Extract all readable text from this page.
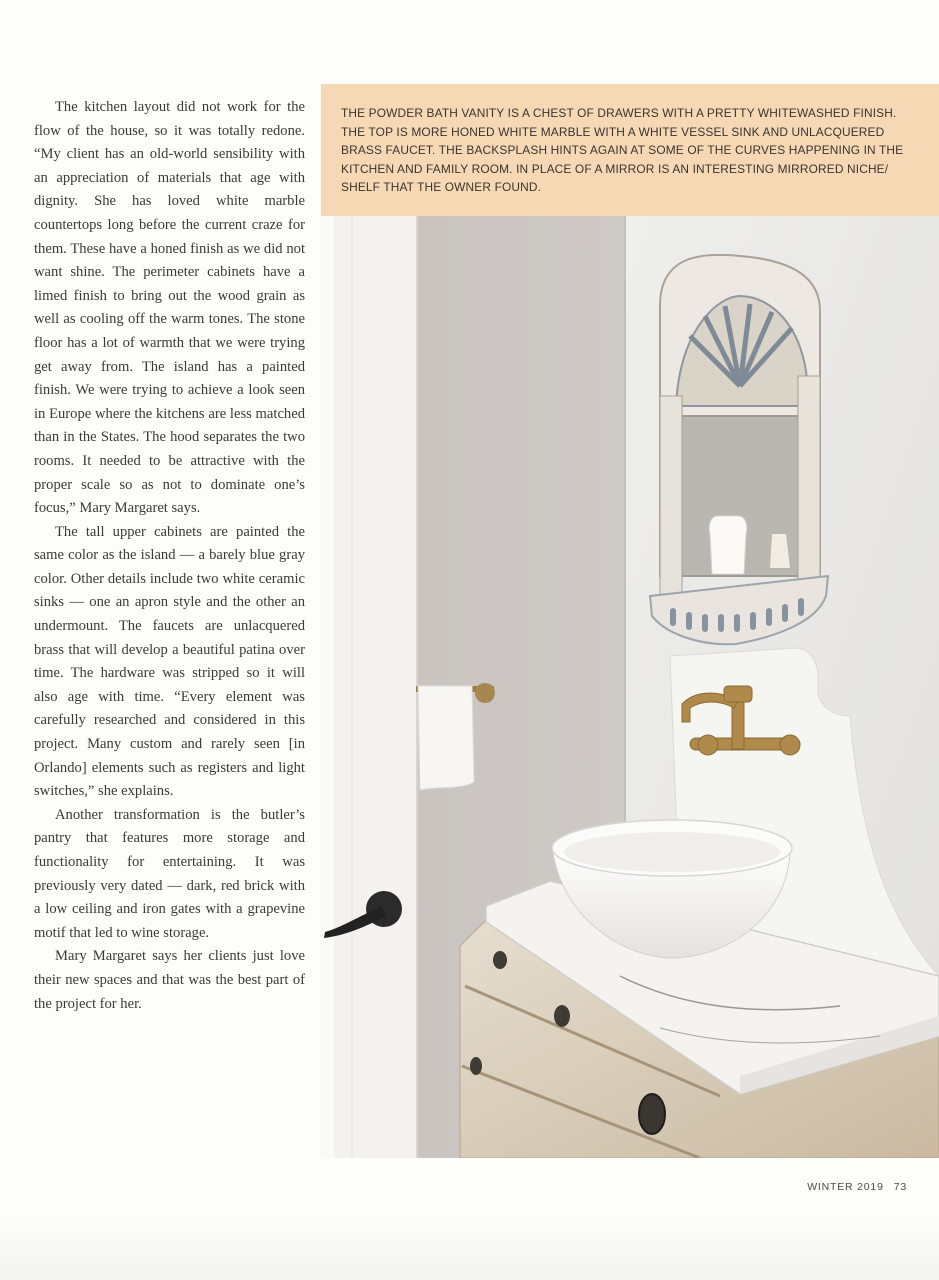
The kitchen layout did not work for the flow of the house, so it was totally redone. “My client has an old-world sensibility with an appreciation of materials that age with dignity. She has loved white marble countertops long before the current craze for them. These have a honed finish as we did not want shine. The perimeter cabinets have a limed finish to bring out the wood grain as well as cooling off the warm tones. The stone floor has a lot of warmth that we were trying get away from. The island has a painted finish. We were trying to achieve a look seen in Europe where the kitchens are less matched than in the States. The hood separates the two rooms. It needed to be attractive with the proper scale so as not to dominate one’s focus,” Mary Margaret says.

The tall upper cabinets are painted the same color as the island — a barely blue gray color. Other details include two white ceramic sinks — one an apron style and the other an undermount. The faucets are unlacquered brass that will develop a beautiful patina over time. The hardware was stripped so it will also age with time. “Every element was carefully researched and considered in this project. Many custom and rarely seen [in Orlando] elements such as registers and light switches,” she explains.

Another transformation is the butler’s pantry that features more storage and functionality for entertaining. It was previously very dated — dark, red brick with a low ceiling and iron gates with a grapevine motif that led to wine storage.

Mary Margaret says her clients just love their new spaces and that was the best part of the project for her.

THE POWDER BATH VANITY IS A CHEST OF DRAWERS WITH A PRETTY WHITEWASHED FINISH. THE TOP IS MORE HONED WHITE MARBLE WITH A WHITE VESSEL SINK AND UNLACQUERED BRASS FAUCET. THE BACKSPLASH HINTS AGAIN AT SOME OF THE CURVES HAPPENING IN THE KITCHEN AND FAMILY ROOM. IN PLACE OF A MIRROR IS AN INTERESTING MIRRORED NICHE/ SHELF THAT THE OWNER FOUND.

WINTER 2019 73
